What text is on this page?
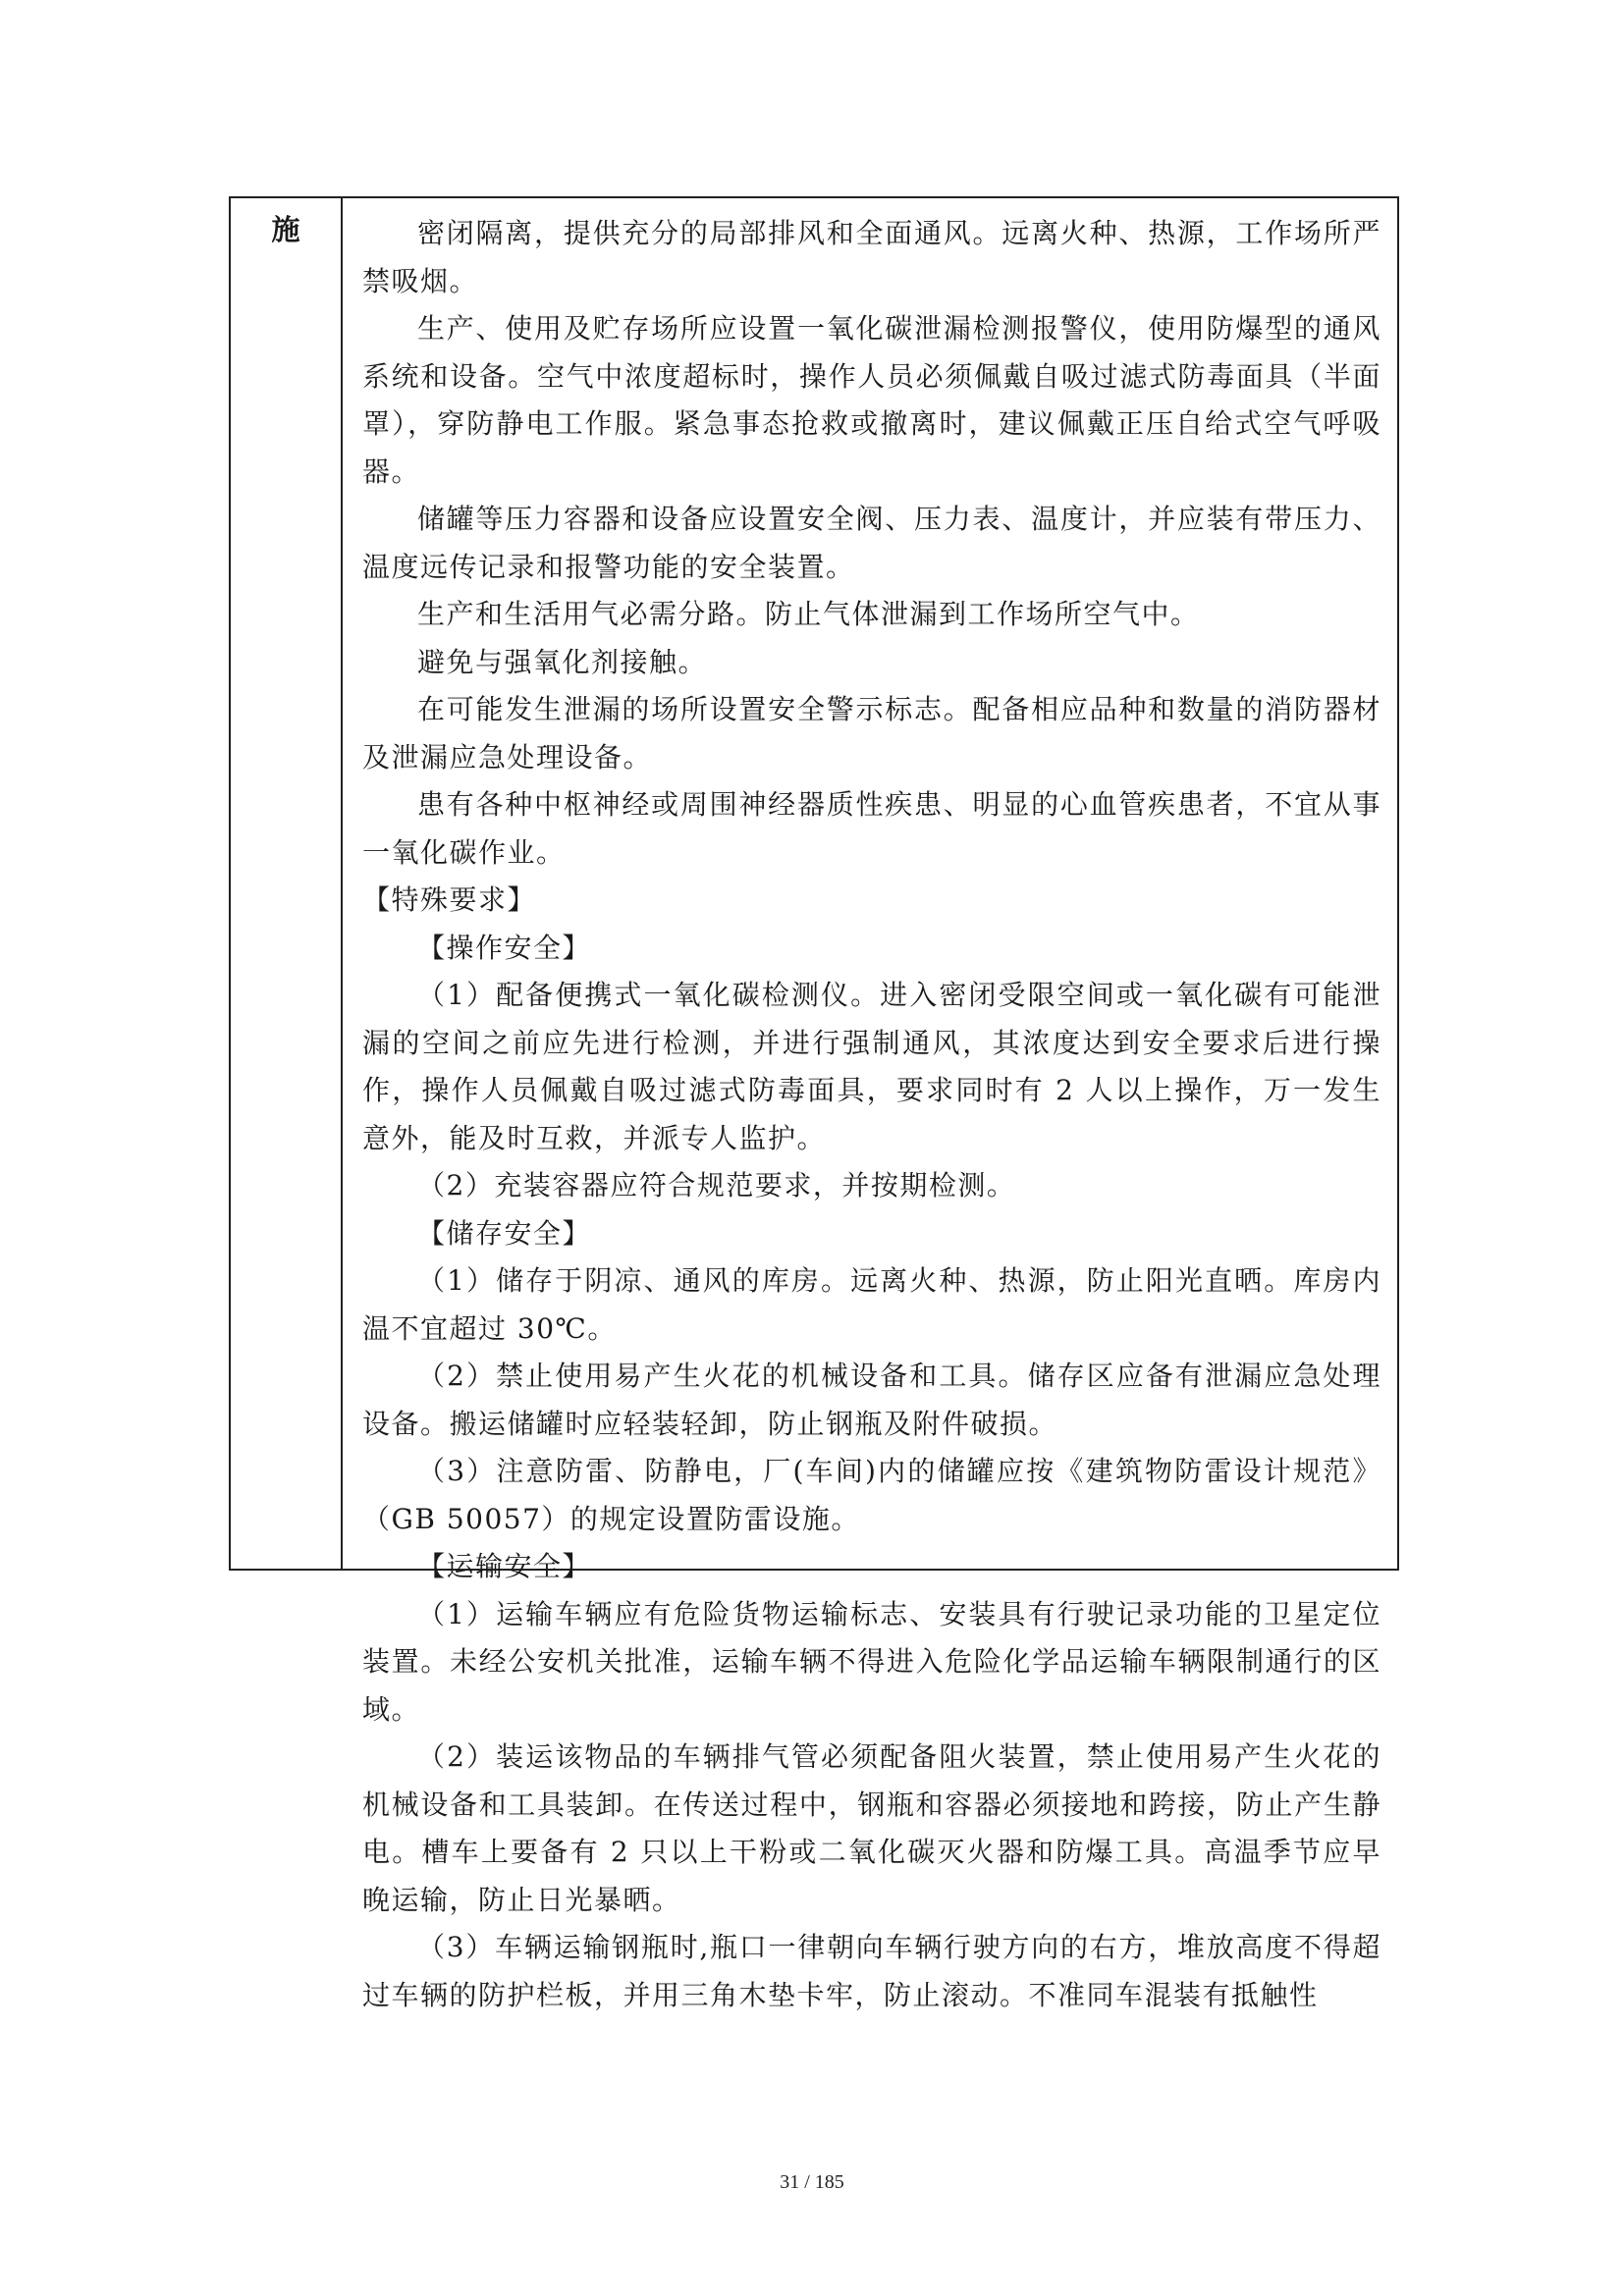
施	密闭隔离，提供充分的局部排风和全面通风。远离火种、热源，工作场所严禁吸烟。

生产、使用及贮存场所应设置一氧化碳泄漏检测报警仪，使用防爆型的通风系统和设备。空气中浓度超标时，操作人员必须佩戴自吸过滤式防毒面具（半面罩），穿防静电工作服。紧急事态抢救或撤离时，建议佩戴正压自给式空气呼吸器。

储罐等压力容器和设备应设置安全阀、压力表、温度计，并应装有带压力、温度远传记录和报警功能的安全装置。

生产和生活用气必需分路。防止气体泄漏到工作场所空气中。

避免与强氧化剂接触。

在可能发生泄漏的场所设置安全警示标志。配备相应品种和数量的消防器材及泄漏应急处理设备。

患有各种中枢神经或周围神经器质性疾患、明显的心血管疾患者，不宜从事一氧化碳作业。

【特殊要求】

【操作安全】

（1）配备便携式一氧化碳检测仪。进入密闭受限空间或一氧化碳有可能泄漏的空间之前应先进行检测，并进行强制通风，其浓度达到安全要求后进行操作，操作人员佩戴自吸过滤式防毒面具，要求同时有 2 人以上操作，万一发生意外，能及时互救，并派专人监护。

（2）充装容器应符合规范要求，并按期检测。

【储存安全】

（1）储存于阴凉、通风的库房。远离火种、热源，防止阳光直晒。库房内温不宜超过 30℃。

（2）禁止使用易产生火花的机械设备和工具。储存区应备有泄漏应急处理设备。搬运储罐时应轻装轻卸，防止钢瓶及附件破损。

（3）注意防雷、防静电，厂(车间)内的储罐应按《建筑物防雷设计规范》（GB 50057）的规定设置防雷设施。

【运输安全】

（1）运输车辆应有危险货物运输标志、安装具有行驶记录功能的卫星定位装置。未经公安机关批准，运输车辆不得进入危险化学品运输车辆限制通行的区域。

（2）装运该物品的车辆排气管必须配备阻火装置，禁止使用易产生火花的机械设备和工具装卸。在传送过程中，钢瓶和容器必须接地和跨接，防止产生静电。槽车上要备有 2 只以上干粉或二氧化碳灭火器和防爆工具。高温季节应早晚运输，防止日光暴晒。

（3）车辆运输钢瓶时,瓶口一律朝向车辆行驶方向的右方，堆放高度不得超过车辆的防护栏板，并用三角木垫卡牢，防止滚动。不准同车混装有抵触性

31 / 185
